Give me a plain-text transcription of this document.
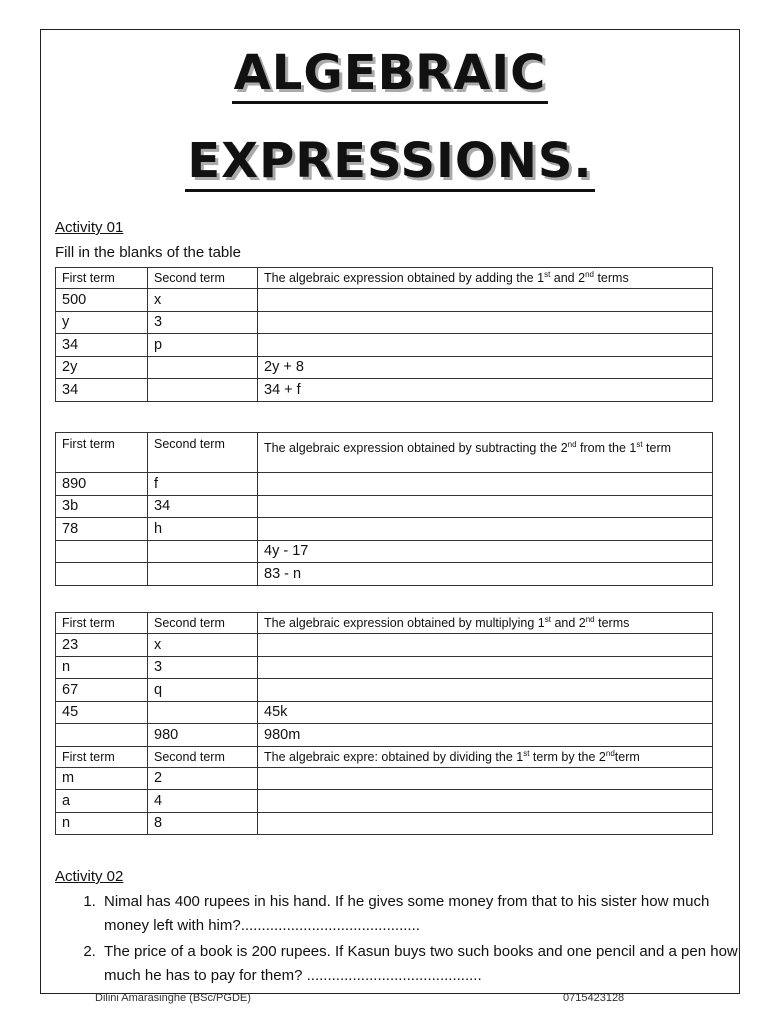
ALGEBRAIC
EXPRESSIONS.
Activity 01
Fill in the blanks of the table
First term	Second term	The algebraic expression obtained by adding the 1st and 2nd terms
500	x	
y	3	
34	p	
2y		2y + 8
34		34 + f
First term	Second term	The algebraic expression obtained by subtracting the 2nd from the 1st term
890	f	
3b	34	
78	h	
		4y - 17
		83 - n
First term	Second term	The algebraic expression obtained by multiplying 1st and 2nd terms
23	x	
n	3	
67	q	
45		45k
	980	980m
First term	Second term	The algebraic expre: obtained by dividing the 1st term by the 2ndterm
m	2	
a	4	
n	8	
Activity 02
1. Nimal has 400 rupees in his hand. If he gives some money from that to his sister how much money left with him?...........................................
2. The price of a book is 200 rupees. If Kasun buys two such books and one pencil and a pen how much he has to pay for them? ..........................................
Dilini Amarasinghe (BSc/PGDE)	0715423128
